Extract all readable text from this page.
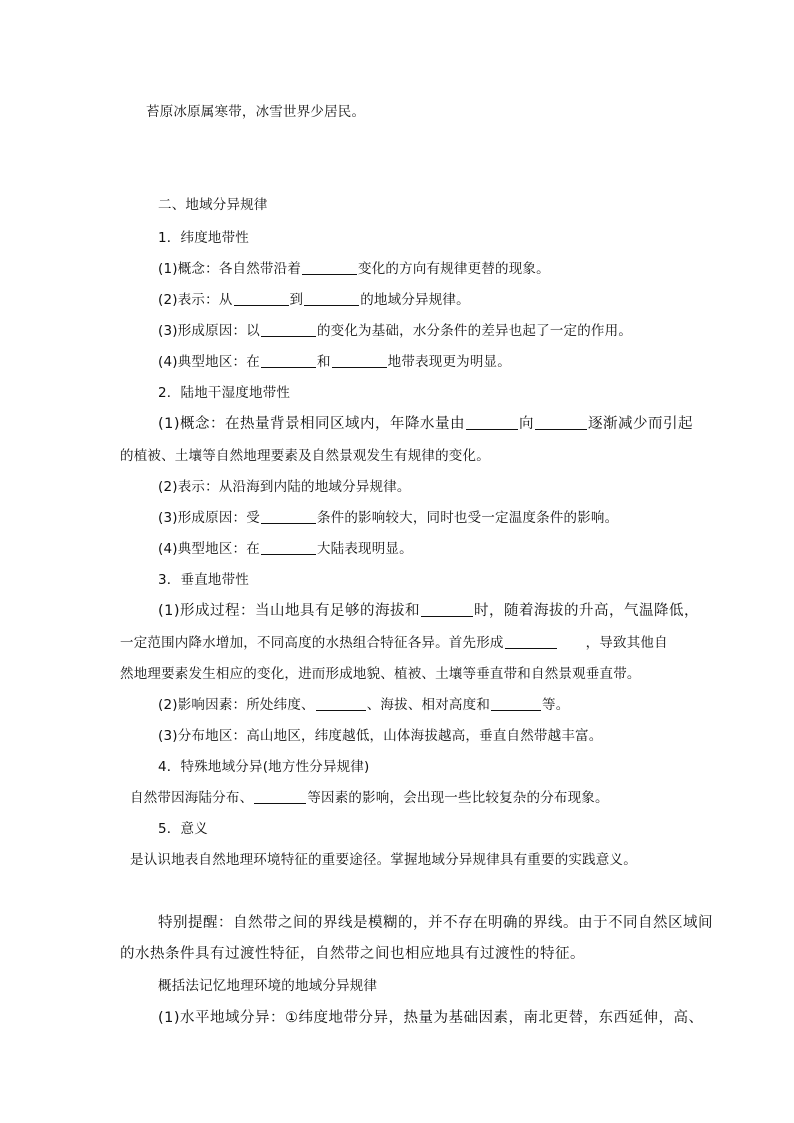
苔原冰原属寒带，冰雪世界少居民。
二、地域分异规律
1．纬度地带性
(1)概念：各自然带沿着	变化的方向有规律更替的现象。
(2)表示：从	到	的地域分异规律。
(3)形成原因：以	的变化为基础，水分条件的差异也起了一定的作用。
(4)典型地区：在	和	地带表现更为明显。
2．陆地干湿度地带性
(1)概念：在热量背景相同区域内，年降水量由	向	逐渐减少而引起
的植被、土壤等自然地理要素及自然景观发生有规律的变化。
(2)表示：从沿海到内陆的地域分异规律。
(3)形成原因：受	条件的影响较大，同时也受一定温度条件的影响。
(4)典型地区：在	大陆表现明显。
3．垂直地带性
(1)形成过程：当山地具有足够的海拔和	时，随着海拔的升高，气温降低，
一定范围内降水增加，不同高度的水热组合特征各异。首先形成	，导致其他自
然地理要素发生相应的变化，进而形成地貌、植被、土壤等垂直带和自然景观垂直带。
(2)影响因素：所处纬度、	、海拔、相对高度和	等。
(3)分布地区：高山地区，纬度越低，山体海拔越高，垂直自然带越丰富。
4．特殊地域分异(地方性分异规律)
自然带因海陆分布、	等因素的影响，会出现一些比较复杂的分布现象。
5．意义
是认识地表自然地理环境特征的重要途径。掌握地域分异规律具有重要的实践意义。
特别提醒：自然带之间的界线是模糊的，并不存在明确的界线。由于不同自然区域间
的水热条件具有过渡性特征，自然带之间也相应地具有过渡性的特征。
概括法记忆地理环境的地域分异规律
(1)水平地域分异：①纬度地带分异，热量为基础因素，南北更替，东西延伸，高、
